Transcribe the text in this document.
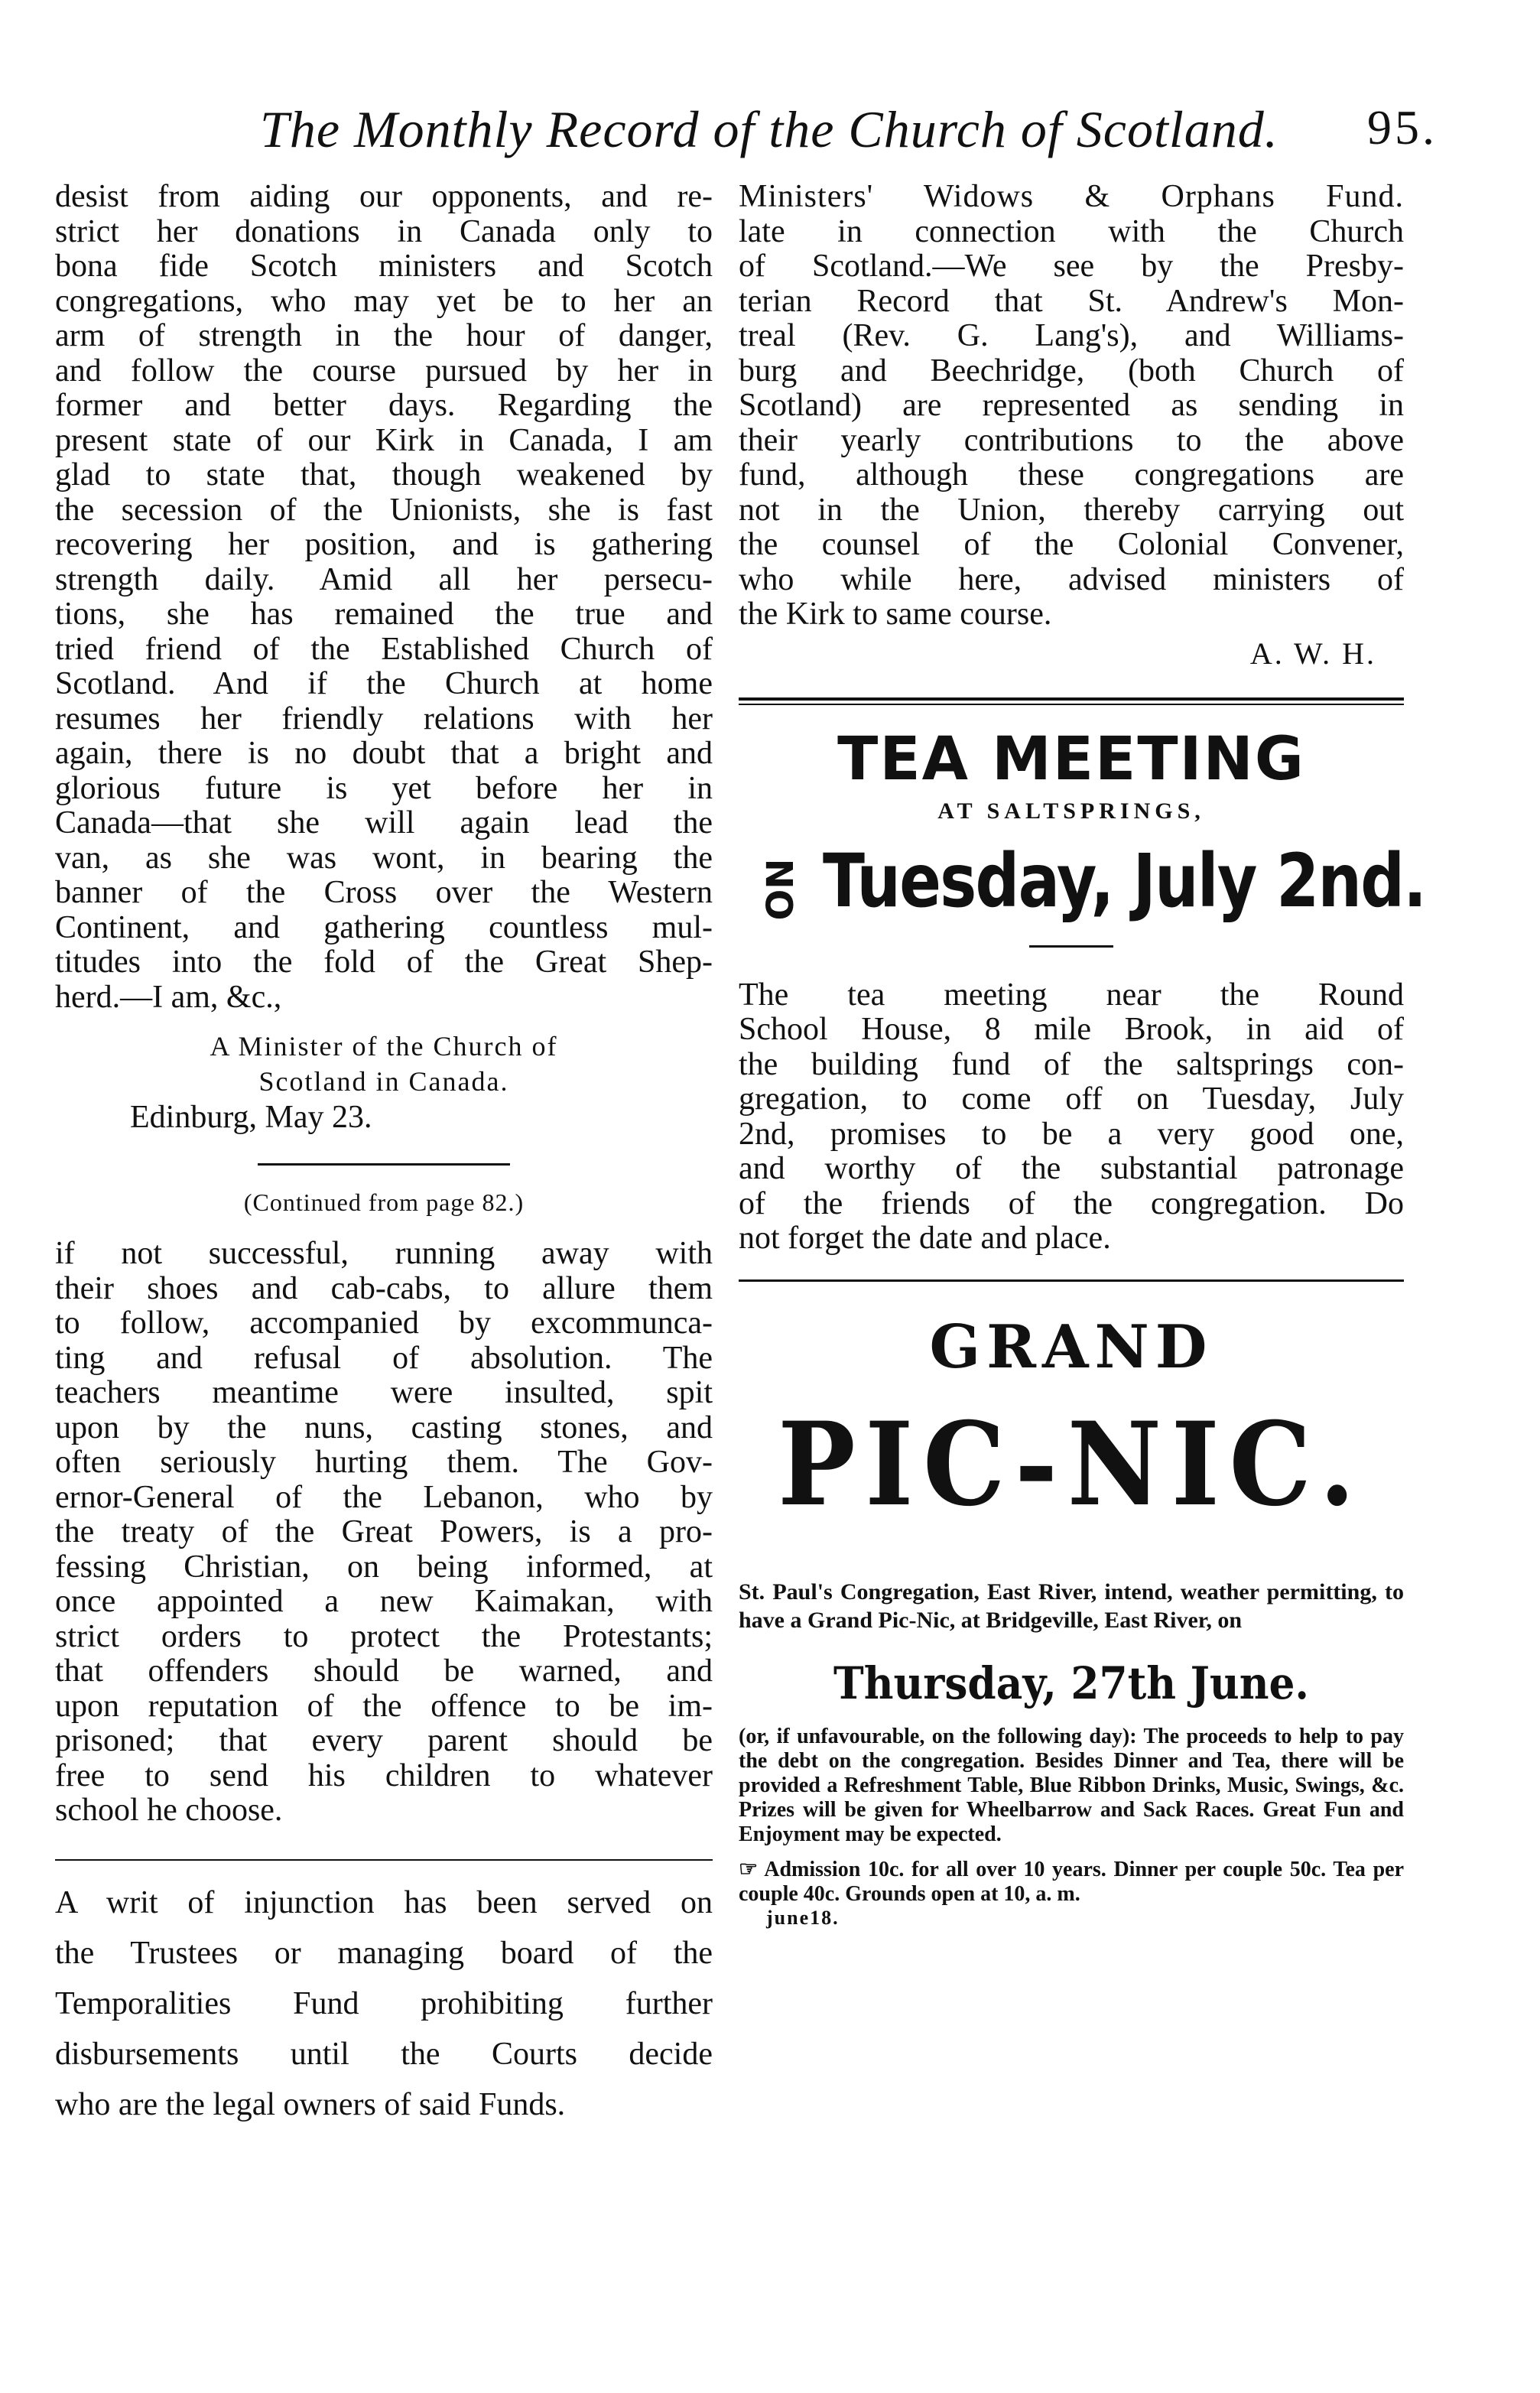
The Monthly Record of the Church of Scotland. 95.

desist from aiding our opponents, and re-

strict her donations in Canada only to

bona fide Scotch ministers and Scotch

congregations, who may yet be to her an

arm of strength in the hour of danger,

and follow the course pursued by her in

former and better days. Regarding the

present state of our Kirk in Canada, I am

glad to state that, though weakened by

the secession of the Unionists, she is fast

recovering her position, and is gathering

strength daily. Amid all her persecu-

tions, she has remained the true and

tried friend of the Established Church of

Scotland. And if the Church at home

resumes her friendly relations with her

again, there is no doubt that a bright and

glorious future is yet before her in

Canada—that she will again lead the

van, as she was wont, in bearing the

banner of the Cross over the Western

Continent, and gathering countless mul-

titudes into the fold of the Great Shep-

herd.—I am, &c.,

A Minister of the Church of

Scotland in Canada.

Edinburg, May 23.

(Continued from page 82.)

if not successful, running away with

their shoes and cab-cabs, to allure them

to follow, accompanied by excommunca-

ting and refusal of absolution. The

teachers meantime were insulted, spit

upon by the nuns, casting stones, and

often seriously hurting them. The Gov-

ernor-General of the Lebanon, who by

the treaty of the Great Powers, is a pro-

fessing Christian, on being informed, at

once appointed a new Kaimakan, with

strict orders to protect the Protestants;

that offenders should be warned, and

upon reputation of the offence to be im-

prisoned; that every parent should be

free to send his children to whatever

school he choose.

A writ of injunction has been served on

the Trustees or managing board of the

Temporalities Fund prohibiting further

disbursements until the Courts decide

who are the legal owners of said Funds.

Ministers' Widows & Orphans Fund.

late in connection with the Church

of Scotland.—We see by the Presby-

terian Record that St. Andrew's Mon-

treal (Rev. G. Lang's), and Williams-

burg and Beechridge, (both Church of

Scotland) are represented as sending in

their yearly contributions to the above

fund, although these congregations are

not in the Union, thereby carrying out

the counsel of the Colonial Convener,

who while here, advised ministers of

the Kirk to same course.

A. W. H.
TEA MEETING
AT SALTSPRINGS,
ON Tuesday, July 2nd.

The tea meeting near the Round

School House, 8 mile Brook, in aid of

the building fund of the saltsprings con-

gregation, to come off on Tuesday, July

2nd, promises to be a very good one,

and worthy of the substantial patronage

of the friends of the congregation. Do

not forget the date and place.

GRAND
PIC-NIC.
St. Paul's Congregation, East River, intend, weather permitting, to have a Grand Pic-Nic, at Bridgeville, East River, on
Thursday, 27th June.
(or, if unfavourable, on the following day): The proceeds to help to pay the debt on the congregation. Besides Dinner and Tea, there will be provided a Refreshment Table, Blue Ribbon Drinks, Music, Swings, &c. Prizes will be given for Wheelbarrow and Sack Races. Great Fun and Enjoyment may be expected.
☞ Admission 10c. for all over 10 years. Dinner per couple 50c. Tea per couple 40c. Grounds open at 10, a. m.
june18.
